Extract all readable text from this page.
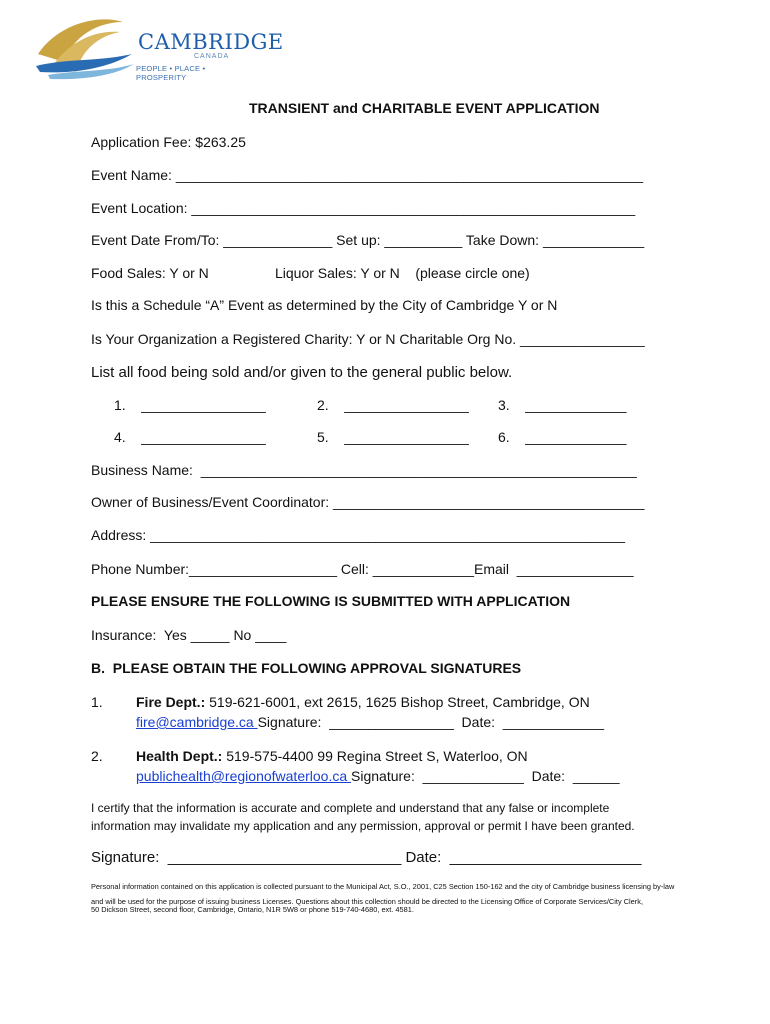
CAMBRIDGE
CANADA
PEOPLE • PLACE • PROSPERITY
TRANSIENT and CHARITABLE EVENT APPLICATION
Application Fee: $263.25
Event Name: ____________________________________________________________
Event Location: _________________________________________________________
Event Date From/To: ______________ Set up: __________ Take Down: _____________
Food Sales: Y or N	Liquor Sales: Y or N    (please circle one)
Is this a Schedule “A” Event as determined by the City of Cambridge Y or N
Is Your Organization a Registered Charity: Y or N Charitable Org No. ________________
List all food being sold and/or given to the general public below.
1.    ________________	2.    ________________ 3.    _____________
4.    ________________	5.    ________________ 6.    _____________
Business Name:  ________________________________________________________
Owner of Business/Event Coordinator: ________________________________________
Address: _____________________________________________________________
Phone Number:___________________ Cell: _____________Email  _______________
PLEASE ENSURE THE FOLLOWING IS SUBMITTED WITH APPLICATION
Insurance:  Yes _____ No ____
B.  PLEASE OBTAIN THE FOLLOWING APPROVAL SIGNATURES
1. Fire Dept.: 519-621-6001, ext 2615, 1625 Bishop Street, Cambridge, ON
fire@cambridge.ca Signature:  ________________  Date:  _____________
2. Health Dept.: 519-575-4400 99 Regina Street S, Waterloo, ON
publichealth@regionofwaterloo.ca Signature:  _____________  Date:  ______
I certify that the information is accurate and complete and understand that any false or incomplete
information may invalidate my application and any permission, approval or permit I have been granted.
Signature:  ____________________________ Date:  _______________________
Personal information contained on this application is collected pursuant to the Municipal Act, S.O., 2001, C25 Section 150-162 and the city of Cambridge business licensing by-law and will be used for the purpose of issuing business Licenses. Questions about this collection should be directed to the Licensing Office of Corporate Services/City Clerk,
50 Dickson Street, second floor, Cambridge, Ontario, N1R 5W8 or phone 519-740-4680, ext. 4581.
